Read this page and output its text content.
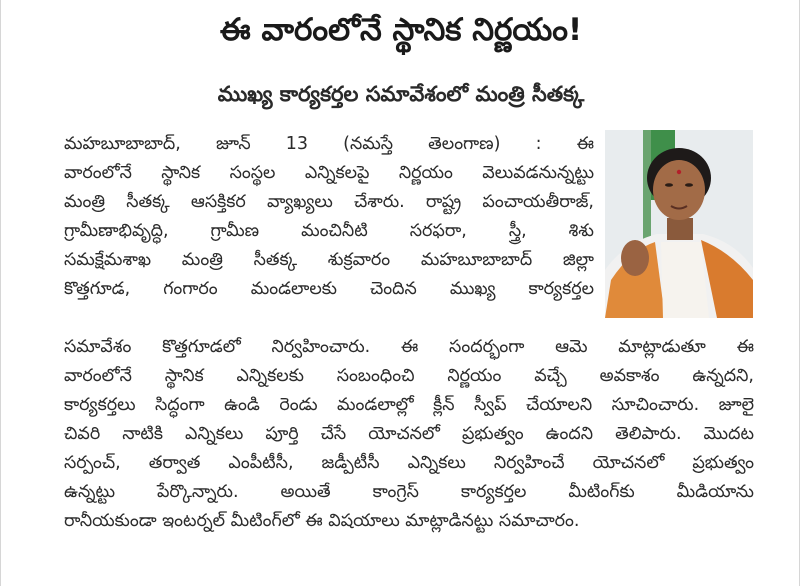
ఈ వారంలోనే స్థానిక నిర్ణయం!
ముఖ్య కార్యకర్తల సమావేశంలో మంత్రి సీతక్క
మహబూబాబాద్, జూన్ 13 (నమస్తే తెలంగాణ) : ఈ
వారంలోనే స్థానిక సంస్థల ఎన్నికలపై నిర్ణయం వెలువడనున్నట్టు
మంత్రి సీతక్క ఆసక్తికర వ్యాఖ్యలు చేశారు. రాష్ట్ర పంచాయతీరాజ్,
గ్రామీణాభివృద్ధి, గ్రామీణ మంచినీటి సరఫరా, స్త్రీ, శిశు
సమక్షేమశాఖ మంత్రి సీతక్క శుక్రవారం మహబూబాబాద్ జిల్లా
కొత్తగూడ, గంగారం మండలాలకు చెందిన ముఖ్య కార్యకర్తల
సమావేశం కొత్తగూడలో నిర్వహించారు. ఈ సందర్భంగా ఆమె మాట్లాడుతూ ఈ
వారంలోనే స్థానిక ఎన్నికలకు సంబంధించి నిర్ణయం వచ్చే అవకాశం ఉన్నదని,
కార్యకర్తలు సిద్ధంగా ఉండి రెండు మండలాల్లో క్లీన్ స్వీప్ చేయాలని సూచించారు. జూలై
చివరి నాటికి ఎన్నికలు పూర్తి చేసే యోచనలో ప్రభుత్వం ఉందని తెలిపారు. మొదట
సర్పంచ్, తర్వాత ఎంపీటీసీ, జడ్పీటీసీ ఎన్నికలు నిర్వహించే యోచనలో ప్రభుత్వం
ఉన్నట్టు పేర్కొన్నారు. అయితే కాంగ్రెస్ కార్యకర్తల మీటింగ్‌కు మీడియాను
రానీయకుండా ఇంటర్నల్ మీటింగ్‌లో ఈ విషయాలు మాట్లాడినట్టు సమాచారం.
